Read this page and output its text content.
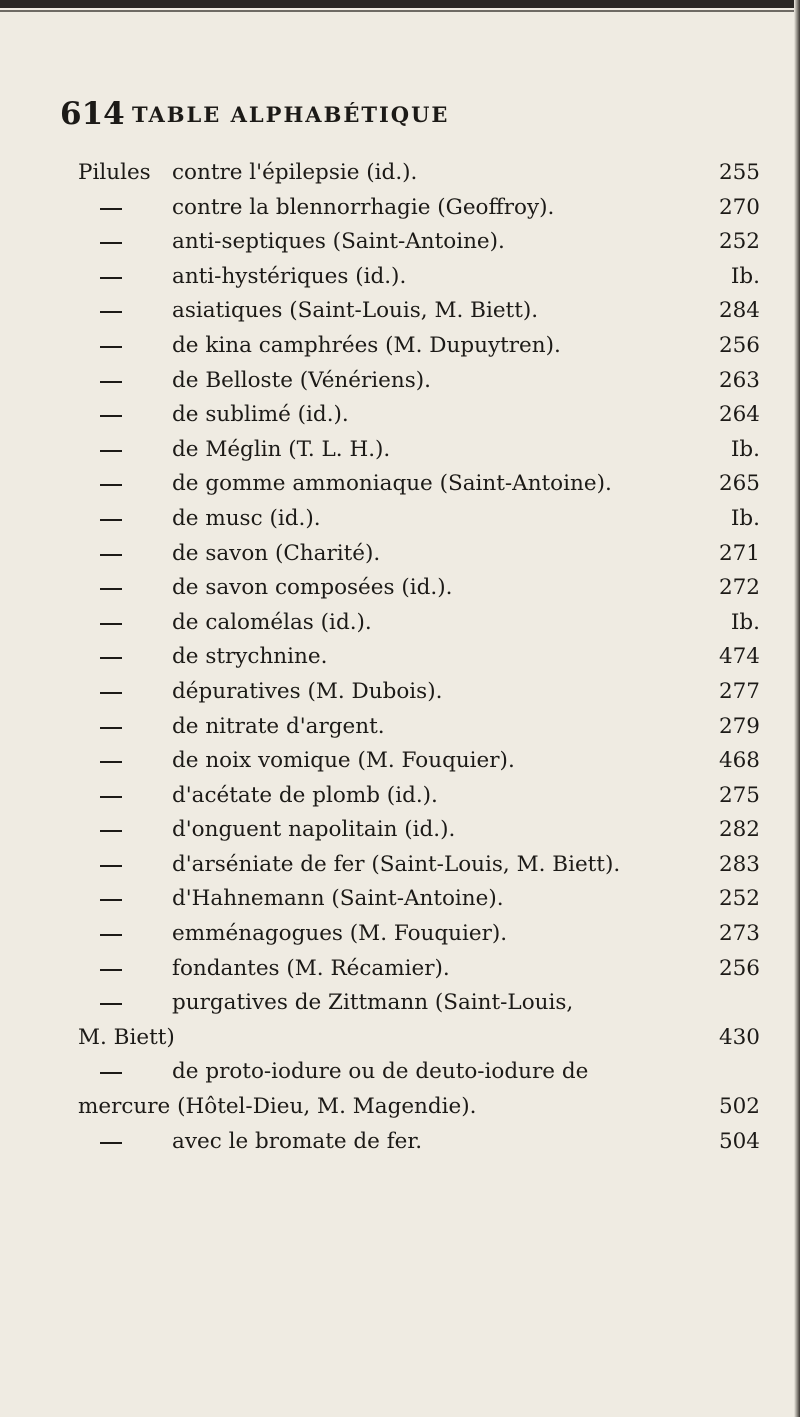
614 TABLE ALPHABÉTIQUE
Pilules contre l'épilepsie (id.).	255
contre la blennorrhagie (Geoffroy).	270
anti-septiques (Saint-Antoine).	252
anti-hystériques (id.).	Ib.
asiatiques (Saint-Louis, M. Biett).	284
de kina camphrées (M. Dupuytren).	256
de Belloste (Vénériens).	263
de sublimé (id.).	264
de Méglin (T. L. H.).	Ib.
de gomme ammoniaque (Saint-Antoine).	265
de musc (id.).	Ib.
de savon (Charité).	271
de savon composées (id.).	272
de calomélas (id.).	Ib.
de strychnine.	474
dépuratives (M. Dubois).	277
de nitrate d'argent.	279
de noix vomique (M. Fouquier).	468
d'acétate de plomb (id.).	275
d'onguent napolitain (id.).	282
d'arséniate de fer (Saint-Louis, M. Biett).	283
d'Hahnemann (Saint-Antoine).	252
emménagogues (M. Fouquier).	273
fondantes (M. Récamier).	256
purgatives de Zittmann (Saint-Louis,
M. Biett)	430
de proto-iodure ou de deuto-iodure de
mercure (Hôtel-Dieu, M. Magendie).	502
avec le bromate de fer.	504
